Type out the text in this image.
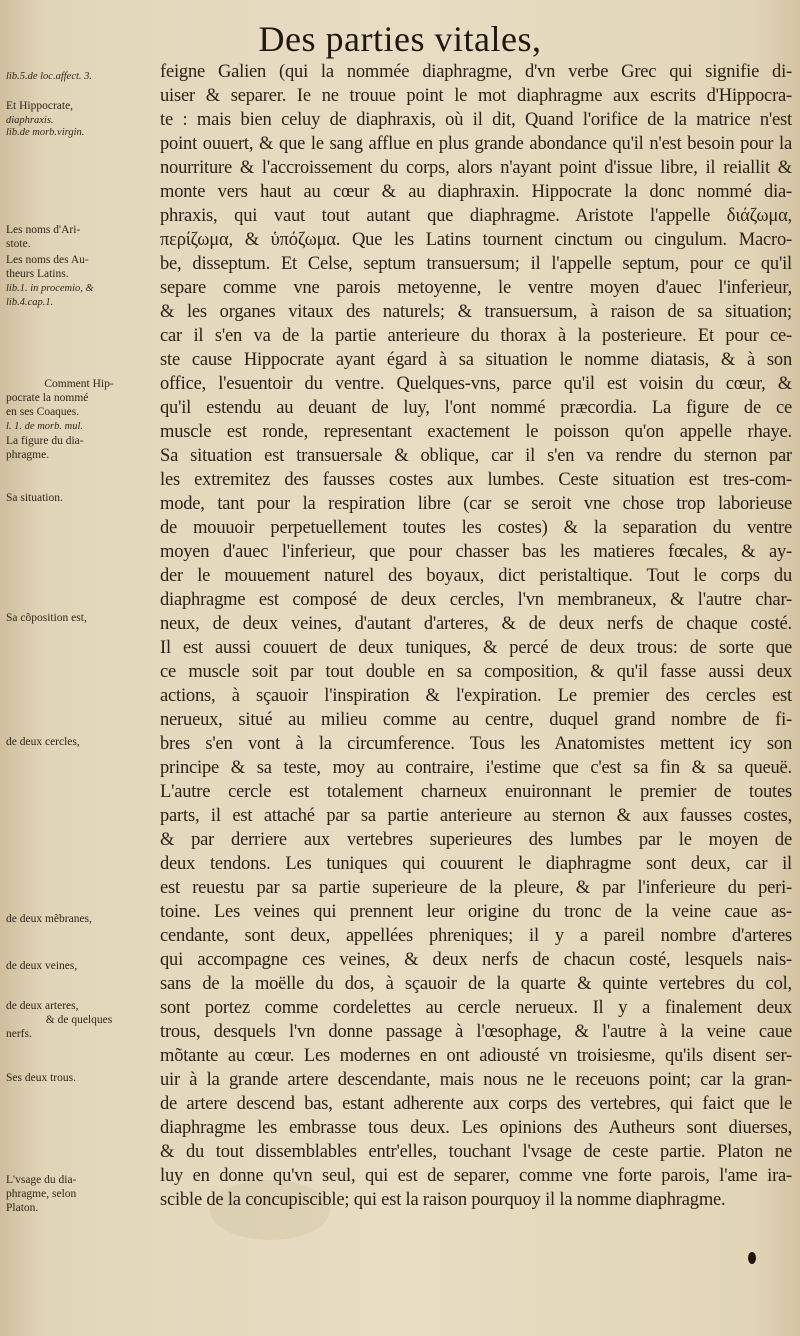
Des parties vitales,
lib.5.de loc.affect. 3.
Et Hippocrate,
diaphraxis.
lib.de morb.virgin.
Les noms d'Ari-
stote.
Les noms des Au-
theurs Latins.
lib.1. in procemio, &
lib.4.cap.1.
Comment Hip-
pocrate la nommé
en ses Coaques.
l. 1. de morb. mul.
La figure du dia-
phragme.
Sa situation.
Sa cõposition est,
de deux cercles,
de deux mẽbranes,
de deux veines,
de deux arteres,
& de quelques
nerfs.
Ses deux trous.
L'vsage du dia-
phragme, selon
Platon.
feigne Galien (qui la nommée diaphragme, d'vn verbe Grec qui signifie di-
uiser & separer. Ie ne trouue point le mot diaphragme aux escrits d'Hippocra-
te : mais bien celuy de diaphraxis, où il dit, Quand l'orifice de la matrice n'est
point ouuert, & que le sang afflue en plus grande abondance qu'il n'est besoin pour la
nourriture & l'accroissement du corps, alors n'ayant point d'issue libre, il reiallit &
monte vers haut au cœur & au diaphraxin. Hippocrate la donc nommé dia-
phraxis, qui vaut tout autant que diaphragme. Aristote l'appelle διάζωμα,
περίζωμα, & ὑπόζωμα. Que les Latins tournent cinctum ou cingulum. Macro-
be, disseptum. Et Celse, septum transuersum; il l'appelle septum, pour ce qu'il
separe comme vne parois metoyenne, le ventre moyen d'auec l'inferieur,
& les organes vitaux des naturels; & transuersum, à raison de sa situation;
car il s'en va de la partie anterieure du thorax à la posterieure. Et pour ce-
ste cause Hippocrate ayant égard à sa situation le nomme diatasis, & à son
office, l'esuentoir du ventre. Quelques-vns, parce qu'il est voisin du cœur, &
qu'il estendu au deuant de luy, l'ont nommé præcordia. La figure de ce
muscle est ronde, representant exactement le poisson qu'on appelle rhaye.
Sa situation est transuersale & oblique, car il s'en va rendre du sternon par
les extremitez des fausses costes aux lumbes. Ceste situation est tres-com-
mode, tant pour la respiration libre (car se seroit vne chose trop laborieuse
de mouuoir perpetuellement toutes les costes) & la separation du ventre
moyen d'auec l'inferieur, que pour chasser bas les matieres fœcales, & ay-
der le mouuement naturel des boyaux, dict peristaltique. Tout le corps du
diaphragme est composé de deux cercles, l'vn membraneux, & l'autre char-
neux, de deux veines, d'autant d'arteres, & de deux nerfs de chaque costé.
Il est aussi couuert de deux tuniques, & percé de deux trous: de sorte que
ce muscle soit par tout double en sa composition, & qu'il fasse aussi deux
actions, à sçauoir l'inspiration & l'expiration. Le premier des cercles est
nerueux, situé au milieu comme au centre, duquel grand nombre de fi-
bres s'en vont à la circumference. Tous les Anatomistes mettent icy son
principe & sa teste, moy au contraire, i'estime que c'est sa fin & sa queuë.
L'autre cercle est totalement charneux enuironnant le premier de toutes
parts, il est attaché par sa partie anterieure au sternon & aux fausses costes,
& par derriere aux vertebres superieures des lumbes par le moyen de
deux tendons. Les tuniques qui couurent le diaphragme sont deux, car il
est reuestu par sa partie superieure de la pleure, & par l'inferieure du peri-
toine. Les veines qui prennent leur origine du tronc de la veine caue as-
cendante, sont deux, appellées phreniques; il y a pareil nombre d'arteres
qui accompagne ces veines, & deux nerfs de chacun costé, lesquels nais-
sans de la moëlle du dos, à sçauoir de la quarte & quinte vertebres du col,
sont portez comme cordelettes au cercle nerueux. Il y a finalement deux
trous, desquels l'vn donne passage à l'œsophage, & l'autre à la veine caue
mõtante au cœur. Les modernes en ont adiousté vn troisiesme, qu'ils disent ser-
uir à la grande artere descendante, mais nous ne le receuons point; car la gran-
de artere descend bas, estant adherente aux corps des vertebres, qui faict que le
diaphragme les embrasse tous deux. Les opinions des Autheurs sont diuerses,
& du tout dissemblables entr'elles, touchant l'vsage de ceste partie. Platon ne
luy en donne qu'vn seul, qui est de separer, comme vne forte parois, l'ame ira-
scible de la concupiscible; qui est la raison pourquoy il la nomme diaphragme.
